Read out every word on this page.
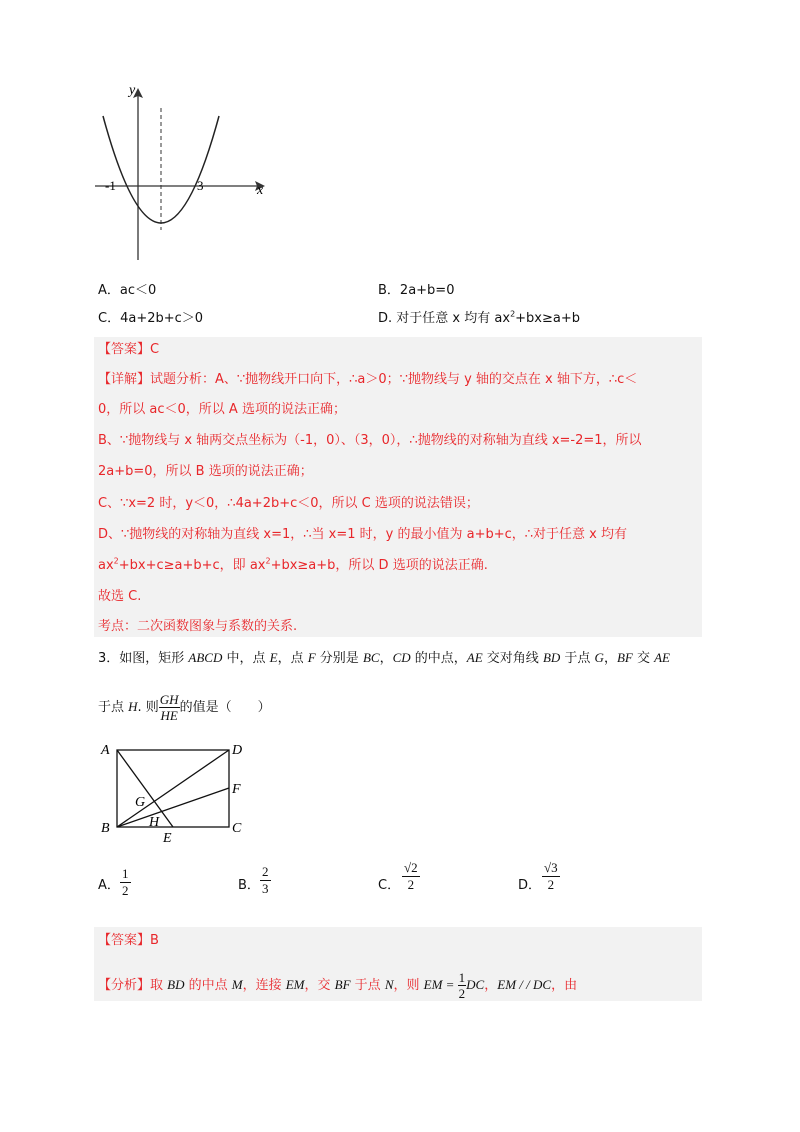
y
x
-1	3
A．ac＜0	B．2a+b=0
C．4a+2b+c＞0	D. 对于任意 x 均有 $ax^2+bx\ge a+b$
【答案】C
【详解】试题分析：A、∵抛物线开口向下，∴a＞0；∵抛物线与 y 轴的交点在 x 轴下方，∴c＜
0，所以 ac＜0，所以 A 选项的说法正确；
B、∵抛物线与 x 轴两交点坐标为（-1，0）、（3，0），∴抛物线的对称轴为直线 x=-2=1，所以
2a+b=0，所以 B 选项的说法正确；
C、∵x=2 时，y＜0，∴4a+2b+c＜0，所以 C 选项的说法错误；
D、∵抛物线的对称轴为直线 x=1，∴当 x=1 时，y 的最小值为 a+b+c，∴对于任意 x 均有
$ax^2+bx+c\ge a+b+c$，即 $ax^2+bx\ge a+b$，所以 D 选项的说法正确.
故选 C.
考点：二次函数图象与系数的关系.
3．如图，矩形 ABCD 中，点 E，点 F 分别是 BC，CD 的中点，AE 交对角线 BD 于点 G，BF 交 AE
于点 H. 则 $\frac{GH}{HE}$ 的值是（　　）
A	D
F
G
H
B
E
C
A． $\frac{1}{2}$	B． $\frac{2}{3}$	C． $\frac{√2}{2}$	D． $\frac{√3}{2}$
【答案】B
【分析】取 BD 的中点 M，连接 EM，交 BF 于点 N，则 EM = $\frac{1}{2}$ DC，EM / / DC，由
